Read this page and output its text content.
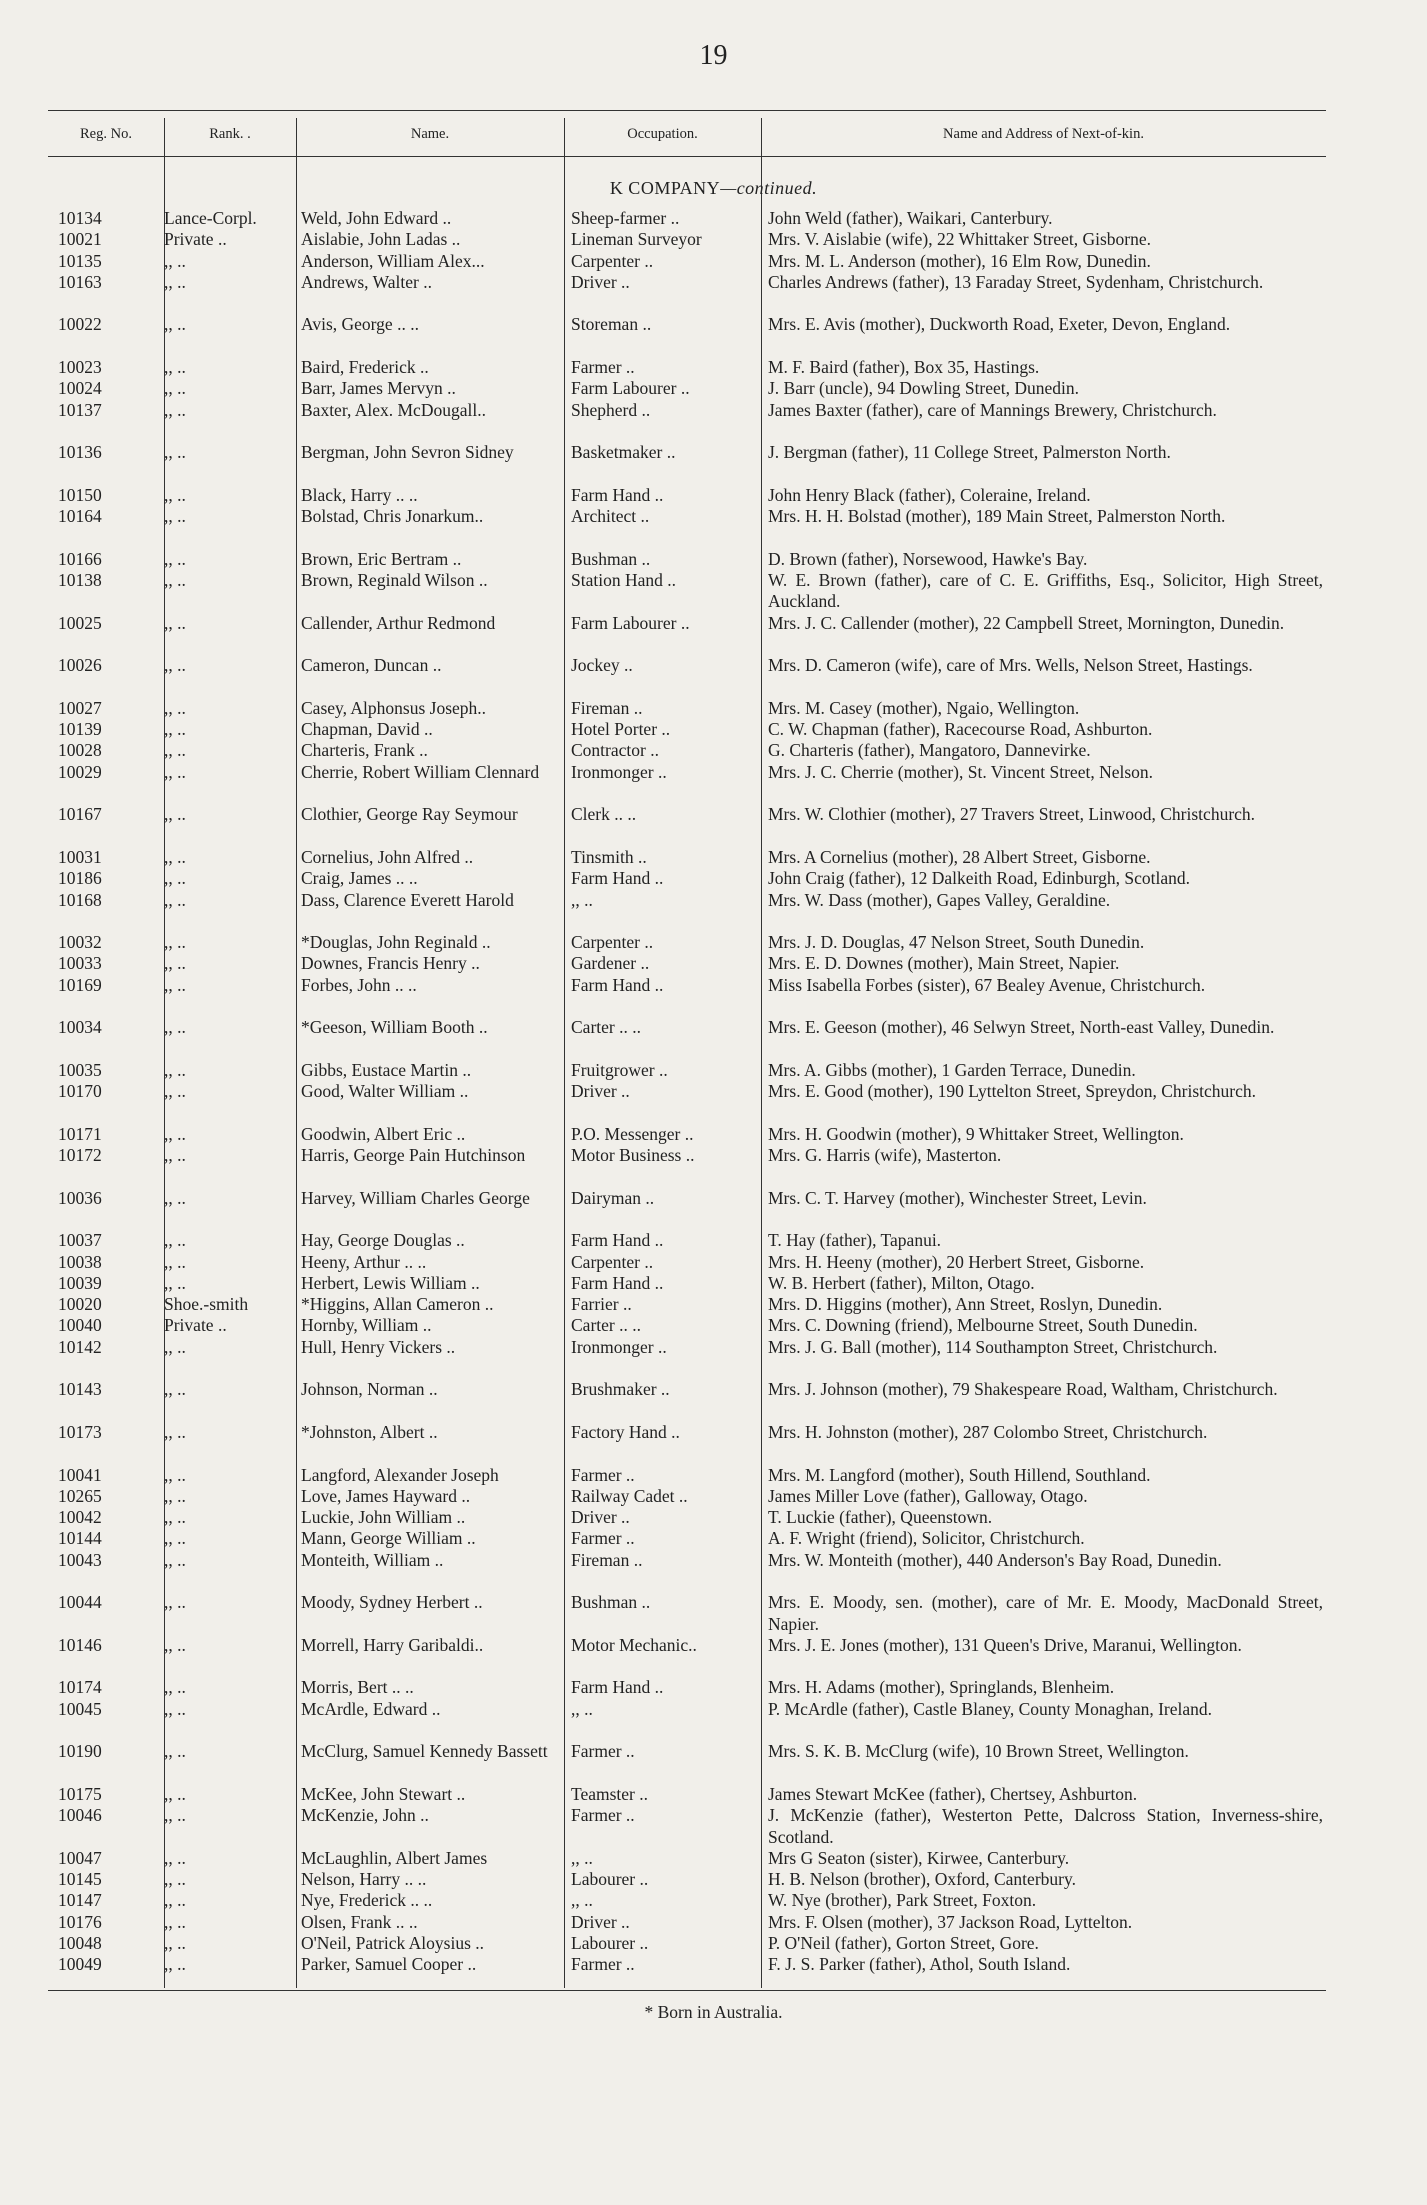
19
Reg. No.	Rank. .	Name.	Occupation.	Name and Address of Next-of-kin.
K COMPANY—continued.
10134	Lance-Corpl.	Weld, John Edward ..	Sheep-farmer ..	John Weld (father), Waikari, Canterbury.
10021	Private ..	Aislabie, John Ladas ..	Lineman Surveyor	Mrs. V. Aislabie (wife), 22 Whittaker Street, Gisborne.
10135	,, ..	Anderson, William Alex...	Carpenter ..	Mrs. M. L. Anderson (mother), 16 Elm Row, Dunedin.
10163	,, ..	Andrews, Walter ..	Driver ..	Charles Andrews (father), 13 Faraday Street, Sydenham, Christchurch.
10022	,, ..	Avis, George .. ..	Storeman ..	Mrs. E. Avis (mother), Duckworth Road, Exeter, Devon, England.
10023	,, ..	Baird, Frederick ..	Farmer ..	M. F. Baird (father), Box 35, Hastings.
10024	,, ..	Barr, James Mervyn ..	Farm Labourer ..	J. Barr (uncle), 94 Dowling Street, Dunedin.
10137	,, ..	Baxter, Alex. McDougall..	Shepherd ..	James Baxter (father), care of Mannings Brewery, Christchurch.
10136	,, ..	Bergman, John Sevron Sidney	Basketmaker ..	J. Bergman (father), 11 College Street, Palmerston North.
10150	,, ..	Black, Harry .. ..	Farm Hand ..	John Henry Black (father), Coleraine, Ireland.
10164	,, ..	Bolstad, Chris Jonarkum..	Architect ..	Mrs. H. H. Bolstad (mother), 189 Main Street, Palmerston North.
10166	,, ..	Brown, Eric Bertram ..	Bushman ..	D. Brown (father), Norsewood, Hawke's Bay.
10138	,, ..	Brown, Reginald Wilson ..	Station Hand ..	W. E. Brown (father), care of C. E. Griffiths, Esq., Solicitor, High Street, Auckland.
10025	,, ..	Callender, Arthur Redmond	Farm Labourer ..	Mrs. J. C. Callender (mother), 22 Campbell Street, Mornington, Dunedin.
10026	,, ..	Cameron, Duncan ..	Jockey ..	Mrs. D. Cameron (wife), care of Mrs. Wells, Nelson Street, Hastings.
10027	,, ..	Casey, Alphonsus Joseph..	Fireman ..	Mrs. M. Casey (mother), Ngaio, Wellington.
10139	,, ..	Chapman, David ..	Hotel Porter ..	C. W. Chapman (father), Racecourse Road, Ashburton.
10028	,, ..	Charteris, Frank ..	Contractor ..	G. Charteris (father), Mangatoro, Dannevirke.
10029	,, ..	Cherrie, Robert William Clennard	Ironmonger ..	Mrs. J. C. Cherrie (mother), St. Vincent Street, Nelson.
10167	,, ..	Clothier, George Ray Seymour	Clerk .. ..	Mrs. W. Clothier (mother), 27 Travers Street, Linwood, Christchurch.
10031	,, ..	Cornelius, John Alfred ..	Tinsmith ..	Mrs. A Cornelius (mother), 28 Albert Street, Gisborne.
10186	,, ..	Craig, James .. ..	Farm Hand ..	John Craig (father), 12 Dalkeith Road, Edinburgh, Scotland.
10168	,, ..	Dass, Clarence Everett Harold	,, ..	Mrs. W. Dass (mother), Gapes Valley, Geraldine.
10032	,, ..	*Douglas, John Reginald ..	Carpenter ..	Mrs. J. D. Douglas, 47 Nelson Street, South Dunedin.
10033	,, ..	Downes, Francis Henry ..	Gardener ..	Mrs. E. D. Downes (mother), Main Street, Napier.
10169	,, ..	Forbes, John .. ..	Farm Hand ..	Miss Isabella Forbes (sister), 67 Bealey Avenue, Christchurch.
10034	,, ..	*Geeson, William Booth ..	Carter .. ..	Mrs. E. Geeson (mother), 46 Selwyn Street, North-east Valley, Dunedin.
10035	,, ..	Gibbs, Eustace Martin ..	Fruitgrower ..	Mrs. A. Gibbs (mother), 1 Garden Terrace, Dunedin.
10170	,, ..	Good, Walter William ..	Driver ..	Mrs. E. Good (mother), 190 Lyttelton Street, Spreydon, Christchurch.
10171	,, ..	Goodwin, Albert Eric ..	P.O. Messenger ..	Mrs. H. Goodwin (mother), 9 Whittaker Street, Wellington.
10172	,, ..	Harris, George Pain Hutchinson	Motor Business ..	Mrs. G. Harris (wife), Masterton.
10036	,, ..	Harvey, William Charles George	Dairyman ..	Mrs. C. T. Harvey (mother), Winchester Street, Levin.
10037	,, ..	Hay, George Douglas ..	Farm Hand ..	T. Hay (father), Tapanui.
10038	,, ..	Heeny, Arthur .. ..	Carpenter ..	Mrs. H. Heeny (mother), 20 Herbert Street, Gisborne.
10039	,, ..	Herbert, Lewis William ..	Farm Hand ..	W. B. Herbert (father), Milton, Otago.
10020	Shoe.-smith	*Higgins, Allan Cameron ..	Farrier ..	Mrs. D. Higgins (mother), Ann Street, Roslyn, Dunedin.
10040	Private ..	Hornby, William ..	Carter .. ..	Mrs. C. Downing (friend), Melbourne Street, South Dunedin.
10142	,, ..	Hull, Henry Vickers ..	Ironmonger ..	Mrs. J. G. Ball (mother), 114 Southampton Street, Christchurch.
10143	,, ..	Johnson, Norman ..	Brushmaker ..	Mrs. J. Johnson (mother), 79 Shakespeare Road, Waltham, Christchurch.
10173	,, ..	*Johnston, Albert ..	Factory Hand ..	Mrs. H. Johnston (mother), 287 Colombo Street, Christchurch.
10041	,, ..	Langford, Alexander Joseph	Farmer ..	Mrs. M. Langford (mother), South Hillend, Southland.
10265	,, ..	Love, James Hayward ..	Railway Cadet ..	James Miller Love (father), Galloway, Otago.
10042	,, ..	Luckie, John William ..	Driver ..	T. Luckie (father), Queenstown.
10144	,, ..	Mann, George William ..	Farmer ..	A. F. Wright (friend), Solicitor, Christchurch.
10043	,, ..	Monteith, William ..	Fireman ..	Mrs. W. Monteith (mother), 440 Anderson's Bay Road, Dunedin.
10044	,, ..	Moody, Sydney Herbert ..	Bushman ..	Mrs. E. Moody, sen. (mother), care of Mr. E. Moody, MacDonald Street, Napier.
10146	,, ..	Morrell, Harry Garibaldi..	Motor Mechanic..	Mrs. J. E. Jones (mother), 131 Queen's Drive, Maranui, Wellington.
10174	,, ..	Morris, Bert .. ..	Farm Hand ..	Mrs. H. Adams (mother), Springlands, Blenheim.
10045	,, ..	McArdle, Edward ..	,, ..	P. McArdle (father), Castle Blaney, County Monaghan, Ireland.
10190	,, ..	McClurg, Samuel Kennedy Bassett	Farmer ..	Mrs. S. K. B. McClurg (wife), 10 Brown Street, Wellington.
10175	,, ..	McKee, John Stewart ..	Teamster ..	James Stewart McKee (father), Chertsey, Ashburton.
10046	,, ..	McKenzie, John ..	Farmer ..	J. McKenzie (father), Westerton Pette, Dalcross Station, Inverness-shire, Scotland.
10047	,, ..	McLaughlin, Albert James	,, ..	Mrs G Seaton (sister), Kirwee, Canterbury.
10145	,, ..	Nelson, Harry .. ..	Labourer ..	H. B. Nelson (brother), Oxford, Canterbury.
10147	,, ..	Nye, Frederick .. ..	,, ..	W. Nye (brother), Park Street, Foxton.
10176	,, ..	Olsen, Frank .. ..	Driver ..	Mrs. F. Olsen (mother), 37 Jackson Road, Lyttelton.
10048	,, ..	O'Neil, Patrick Aloysius ..	Labourer ..	P. O'Neil (father), Gorton Street, Gore.
10049	,, ..	Parker, Samuel Cooper ..	Farmer ..	F. J. S. Parker (father), Athol, South Island.
* Born in Australia.
